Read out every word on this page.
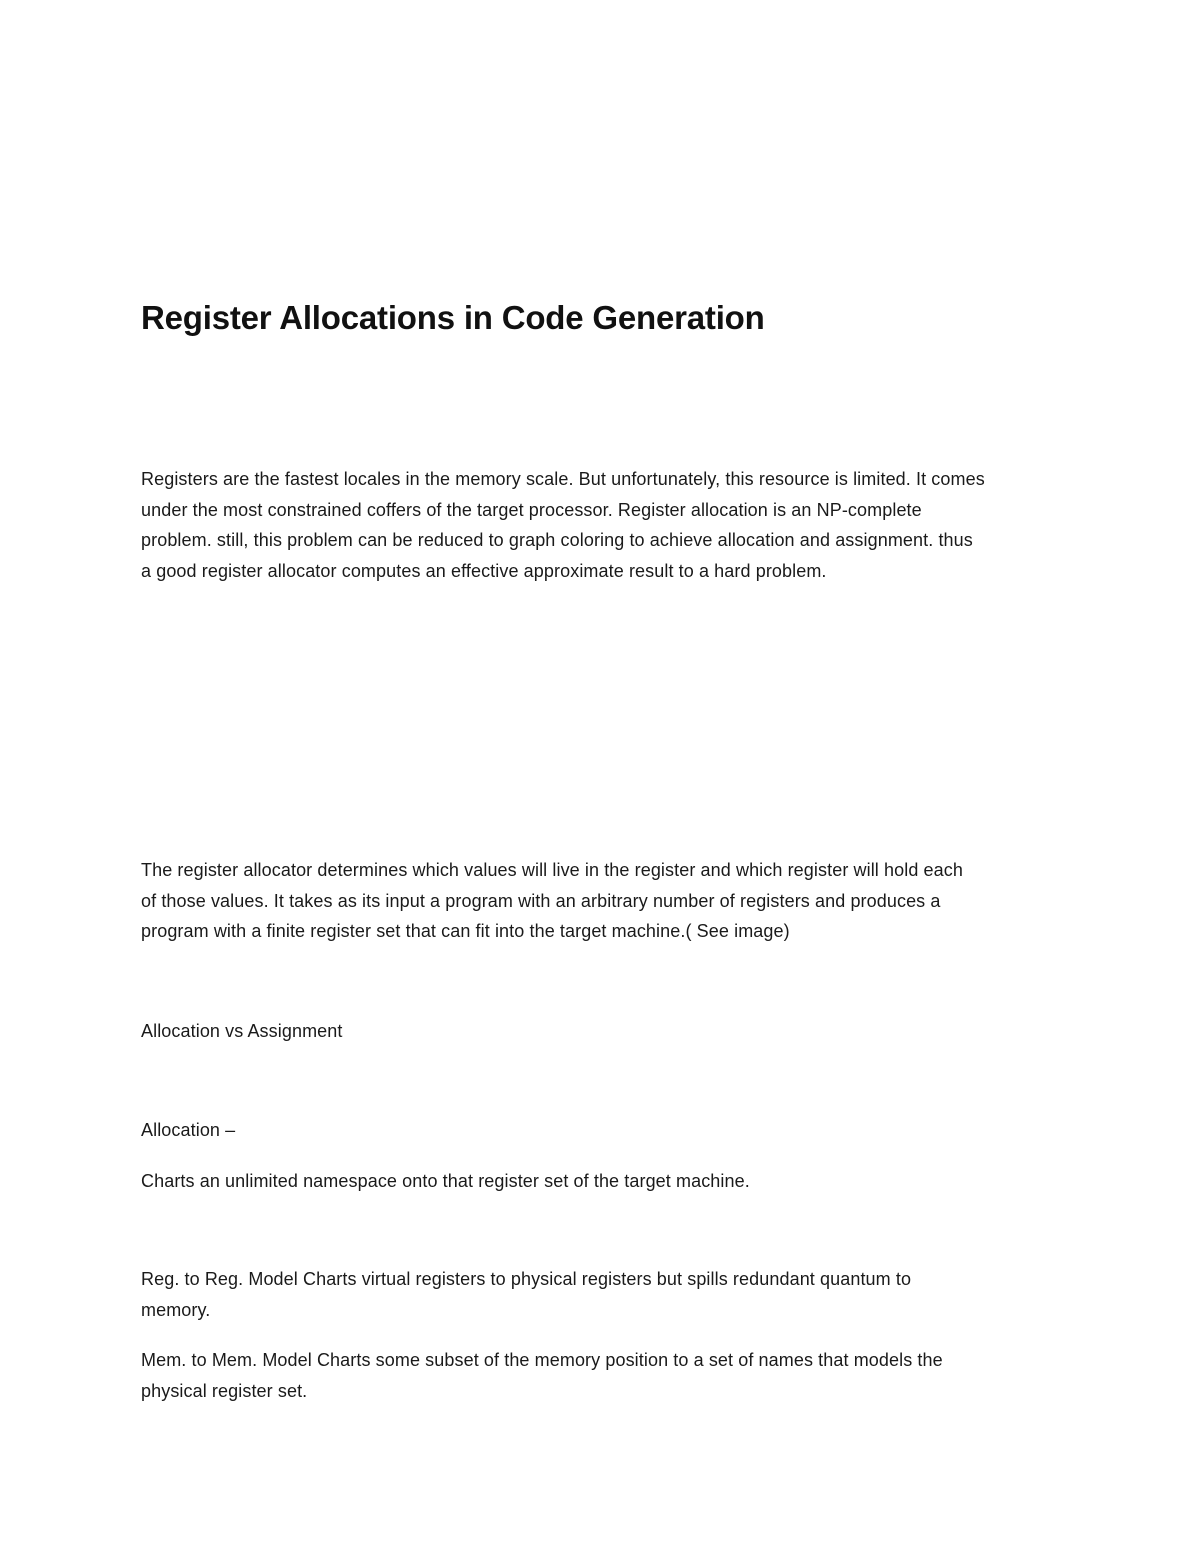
Register Allocations in Code Generation

Registers are the fastest locales in the memory scale. But unfortunately, this resource is limited. It comes
under the most constrained coffers of the target processor. Register allocation is an NP-complete
problem. still, this problem can be reduced to graph coloring to achieve allocation and assignment. thus
a good register allocator computes an effective approximate result to a hard problem.

The register allocator determines which values will live in the register and which register will hold each
of those values. It takes as its input a program with an arbitrary number of registers and produces a
program with a finite register set that can fit into the target machine.( See image)

Allocation vs Assignment

Allocation –

Charts an unlimited namespace onto that register set of the target machine.

Reg. to Reg. Model Charts virtual registers to physical registers but spills redundant quantum to
memory.

Mem. to Mem. Model Charts some subset of the memory position to a set of names that models the
physical register set.
